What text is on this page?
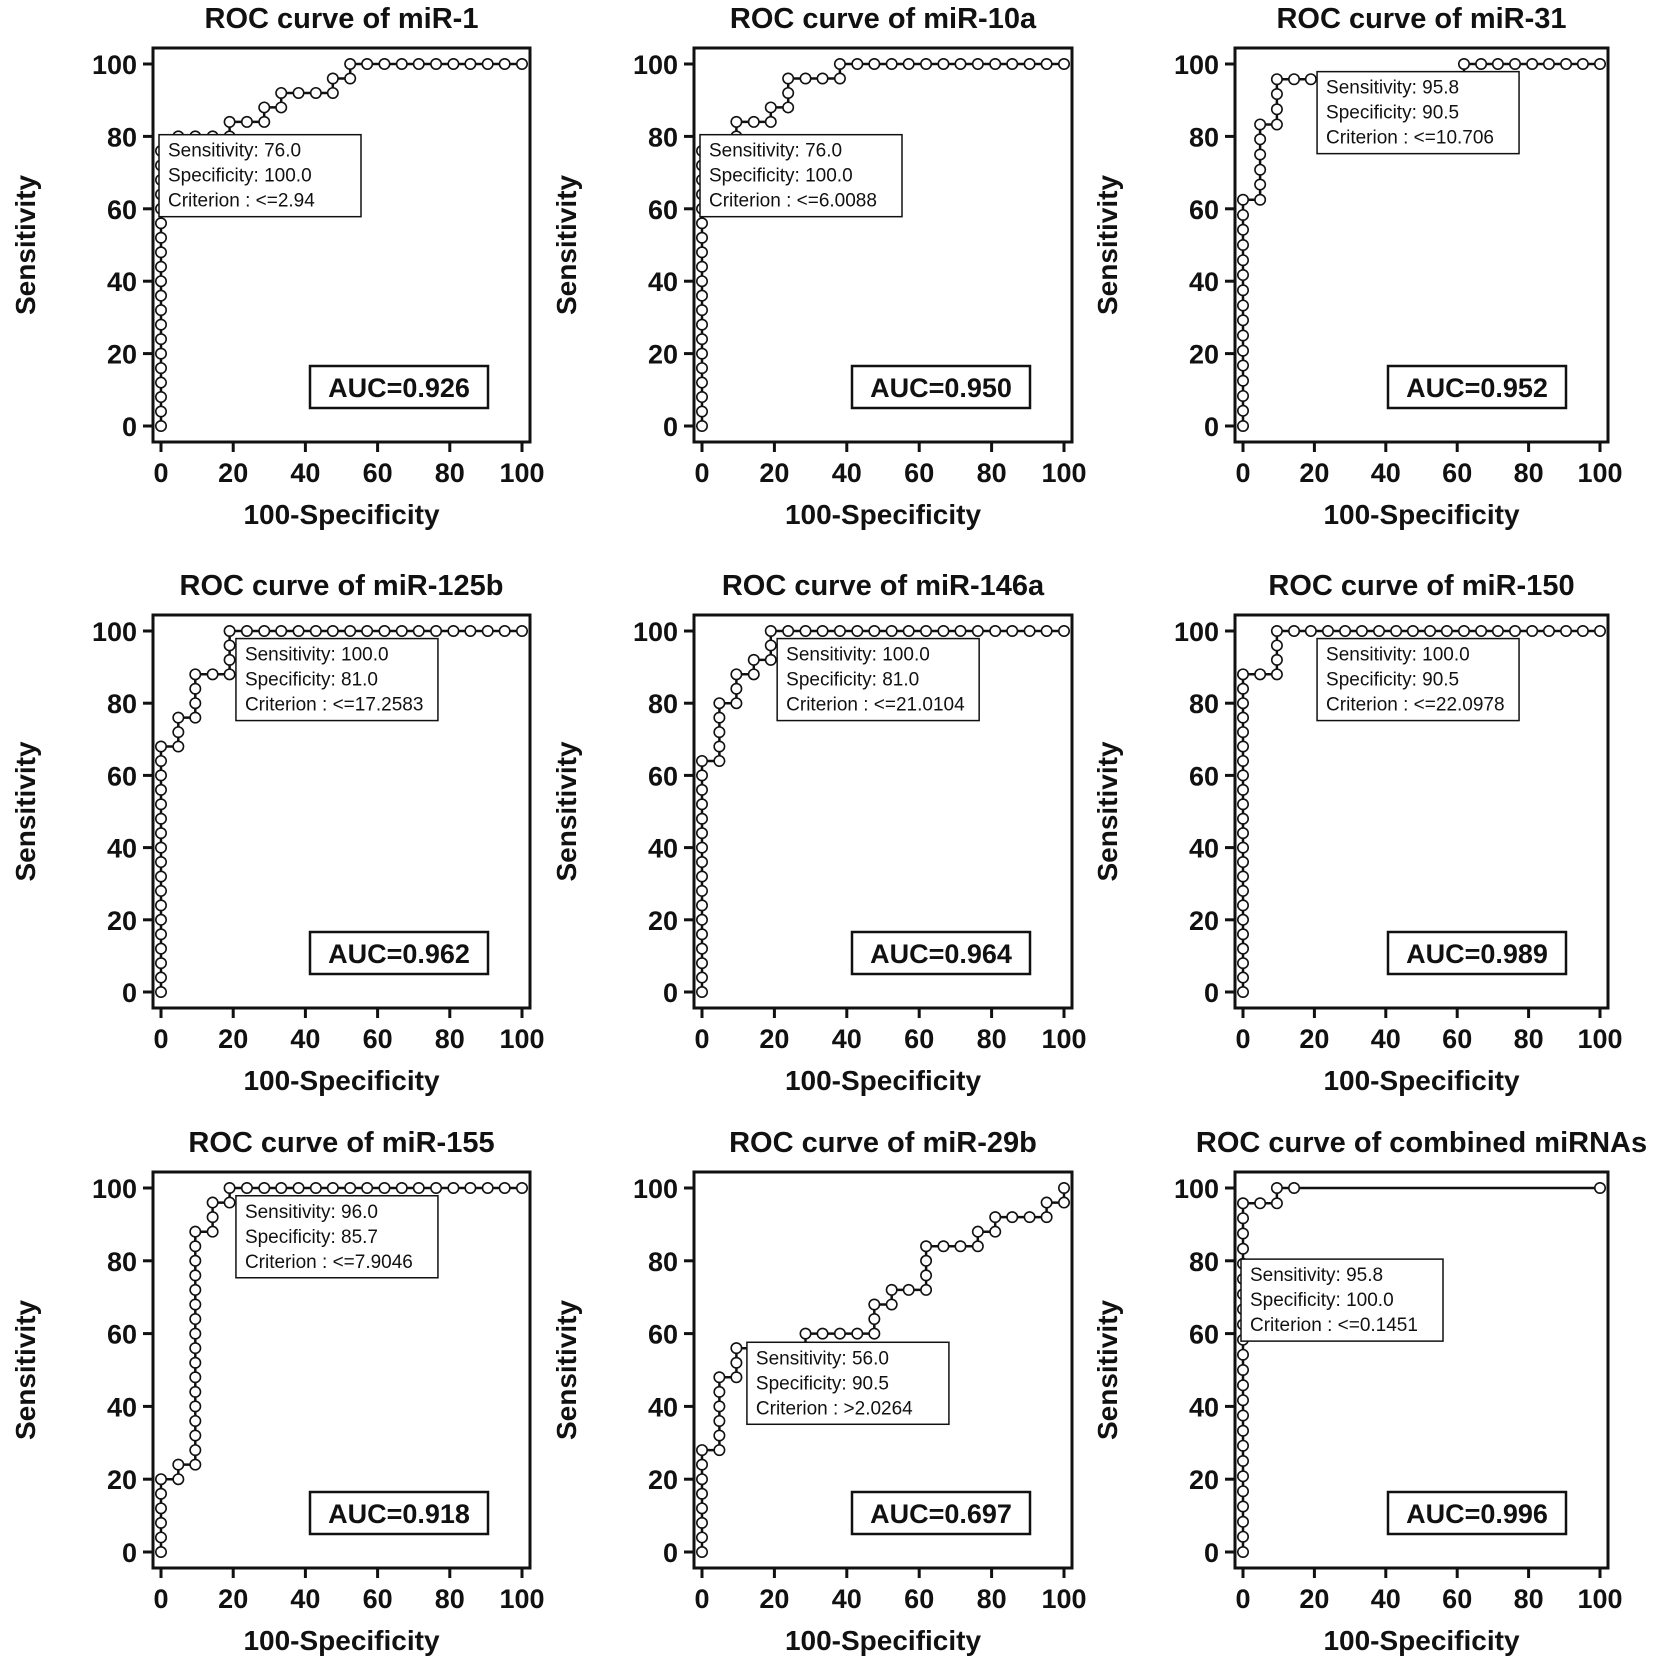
ROC curve of miR-1
0
20
40
60
80
100
0 20 40 60 80 100
100-Specificity
Sensitivity
Sensitivity: 76.0
Specificity: 100.0
Criterion : <=2.94
AUC=0.926
ROC curve of miR-10a
0
20
40
60
80
100
0 20 40 60 80 100
100-Specificity
Sensitivity
Sensitivity: 76.0
Specificity: 100.0
Criterion : <=6.0088
AUC=0.950
ROC curve of miR-31
0
20
40
60
80
100
0 20 40 60 80 100
100-Specificity
Sensitivity
Sensitivity: 95.8
Specificity: 90.5
Criterion : <=10.706
AUC=0.952
ROC curve of miR-125b
0
20
40
60
80
100
0 20 40 60 80 100
100-Specificity
Sensitivity
Sensitivity: 100.0
Specificity: 81.0
Criterion : <=17.2583
AUC=0.962
ROC curve of miR-146a
0
20
40
60
80
100
0 20 40 60 80 100
100-Specificity
Sensitivity
Sensitivity: 100.0
Specificity: 81.0
Criterion : <=21.0104
AUC=0.964
ROC curve of miR-150
0
20
40
60
80
100
0 20 40 60 80 100
100-Specificity
Sensitivity
Sensitivity: 100.0
Specificity: 90.5
Criterion : <=22.0978
AUC=0.989
ROC curve of miR-155
0
20
40
60
80
100
0 20 40 60 80 100
100-Specificity
Sensitivity
Sensitivity: 96.0
Specificity: 85.7
Criterion : <=7.9046
AUC=0.918
ROC curve of miR-29b
0
20
40
60
80
100
0 20 40 60 80 100
100-Specificity
Sensitivity	Sensitivity: 56.0
Specificity: 90.5
Criterion : >2.0264
AUC=0.697
ROC curve of combined miRNAs
0
20
40
60
80
100
0 20 40 60 80 100
100-Specificity
Sensitivity
Sensitivity: 95.8
Specificity: 100.0
Criterion : <=0.1451
AUC=0.996
